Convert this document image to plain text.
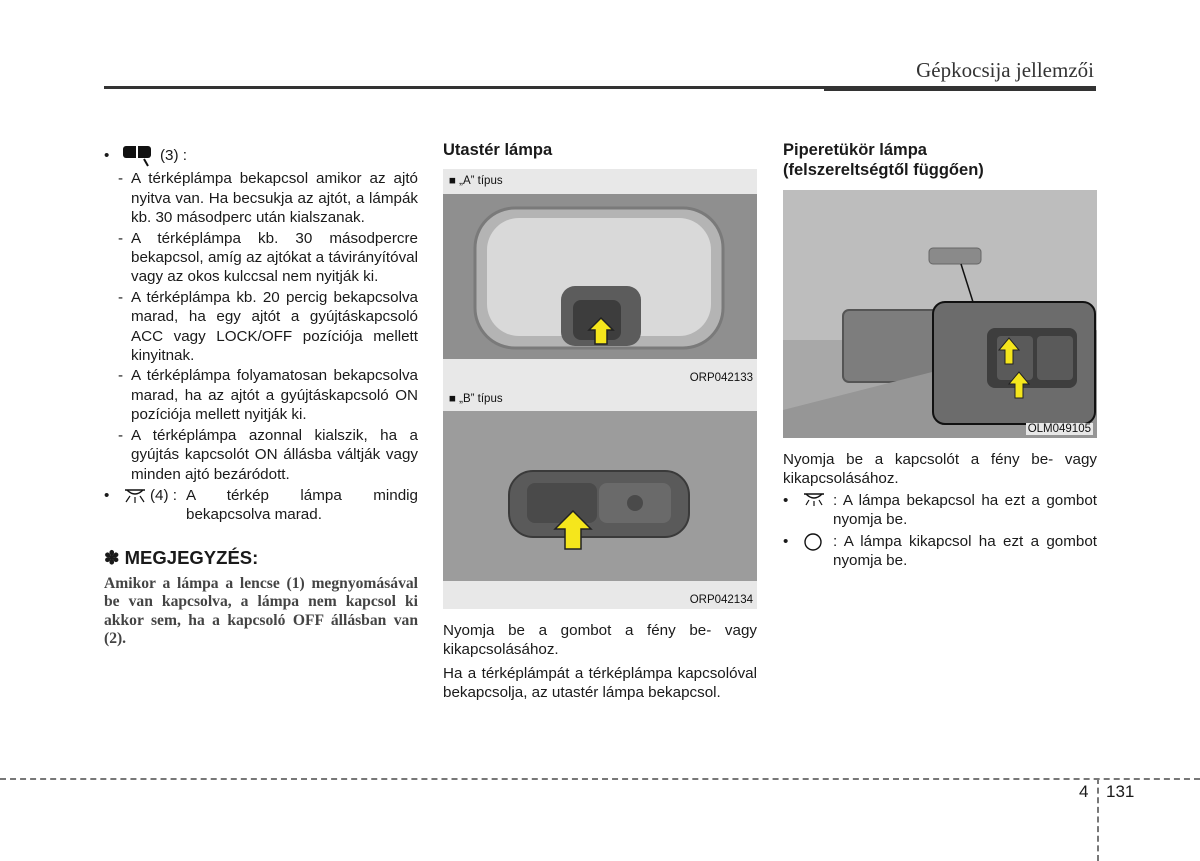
Gépkocsija jellemzői
•	(3) :
- A térképlámpa bekapcsol amikor az ajtó nyitva van. Ha becsukja az ajtót, a lámpák kb. 30 másodperc után kialszanak.
- A térképlámpa kb. 30 másodpercre bekapcsol, amíg az ajtókat a távirányítóval vagy az okos kulccsal nem nyitják ki.
- A térképlámpa kb. 20 percig bekapcsolva marad, ha egy ajtót a gyújtáskapcsoló ACC vagy LOCK/OFF pozíciója mellett kinyitnak.
- A térképlámpa folyamatosan bekapcsolva marad, ha az ajtót a gyújtáskapcsoló ON pozíciója mellett nyitják ki.
- A térképlámpa azonnal kialszik, ha a gyújtás kapcsolót ON állásba váltják vagy minden ajtó bezáródott.
•	(4) : A térkép lámpa mindig bekapcsolva marad.
✽ MEGJEGYZÉS:
Amikor a lámpa a lencse (1) megnyomásával be van kapcsolva, a lámpa nem kapcsol ki akkor sem, ha a kapcsoló OFF állásban van (2).
Utastér lámpa
■ „A” típus
ORP042133
■ „B” típus
ORP042134
Nyomja be a gombot a fény be- vagy kikapcsolásához.
Ha a térképlámpát a térképlámpa kapcsolóval bekapcsolja, az utastér lámpa bekapcsol.
Piperetükör lámpa
(felszereltségtől függően)
OLM049105
Nyomja be a kapcsolót a fény be- vagy kikapcsolásához.
•	: A lámpa bekapcsol ha ezt a gombot nyomja be.
•	: A lámpa kikapcsol ha ezt a gombot nyomja be.
4 131
